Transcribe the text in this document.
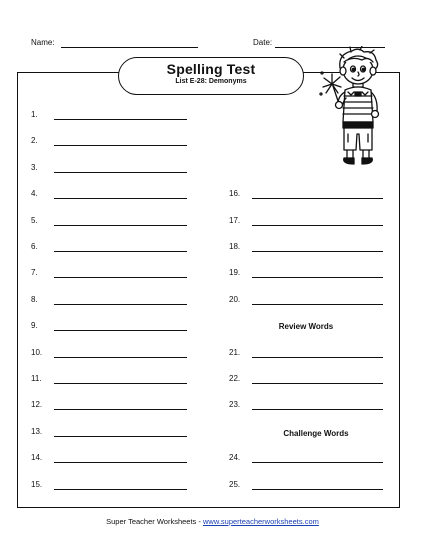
Name:	Date:
Spelling Test
List E-28: Demonyms
1.
2.
3.
4.
5.
6.
7.
8.
9.
10.
11.
12.
13.
14.
15.
16.
17.
18.
19.
20.
21.
22.
23.
24.
25.
Review Words
Challenge Words
Super Teacher Worksheets - www.superteacherworksheets.com
